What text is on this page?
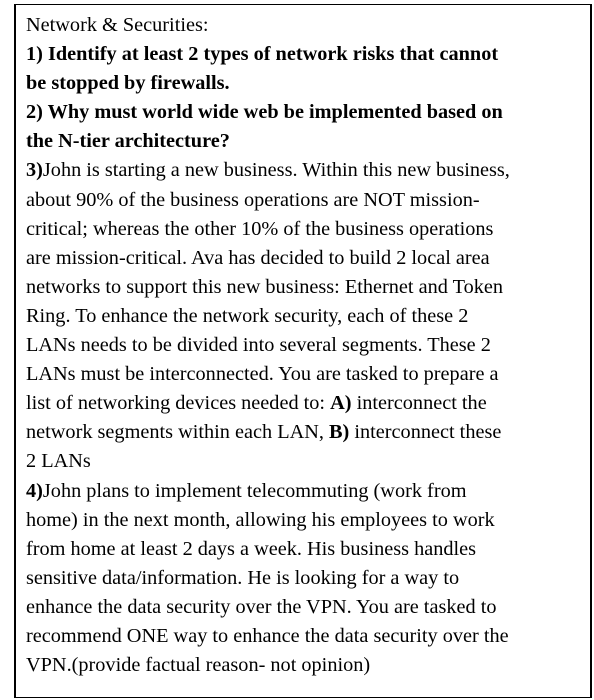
Network & Securities:
1) Identify at least 2 types of network risks that cannot
be stopped by firewalls.
2) Why must world wide web be implemented based on
the N-tier architecture?
3)John is starting a new business. Within this new business,
about 90% of the business operations are NOT mission-
critical; whereas the other 10% of the business operations
are mission-critical. Ava has decided to build 2 local area
networks to support this new business: Ethernet and Token
Ring. To enhance the network security, each of these 2
LANs needs to be divided into several segments. These 2
LANs must be interconnected. You are tasked to prepare a
list of networking devices needed to: A) interconnect the
network segments within each LAN, B) interconnect these
2 LANs
4)John plans to implement telecommuting (work from
home) in the next month, allowing his employees to work
from home at least 2 days a week. His business handles
sensitive data/information. He is looking for a way to
enhance the data security over the VPN. You are tasked to
recommend ONE way to enhance the data security over the
VPN.(provide factual reason- not opinion)
